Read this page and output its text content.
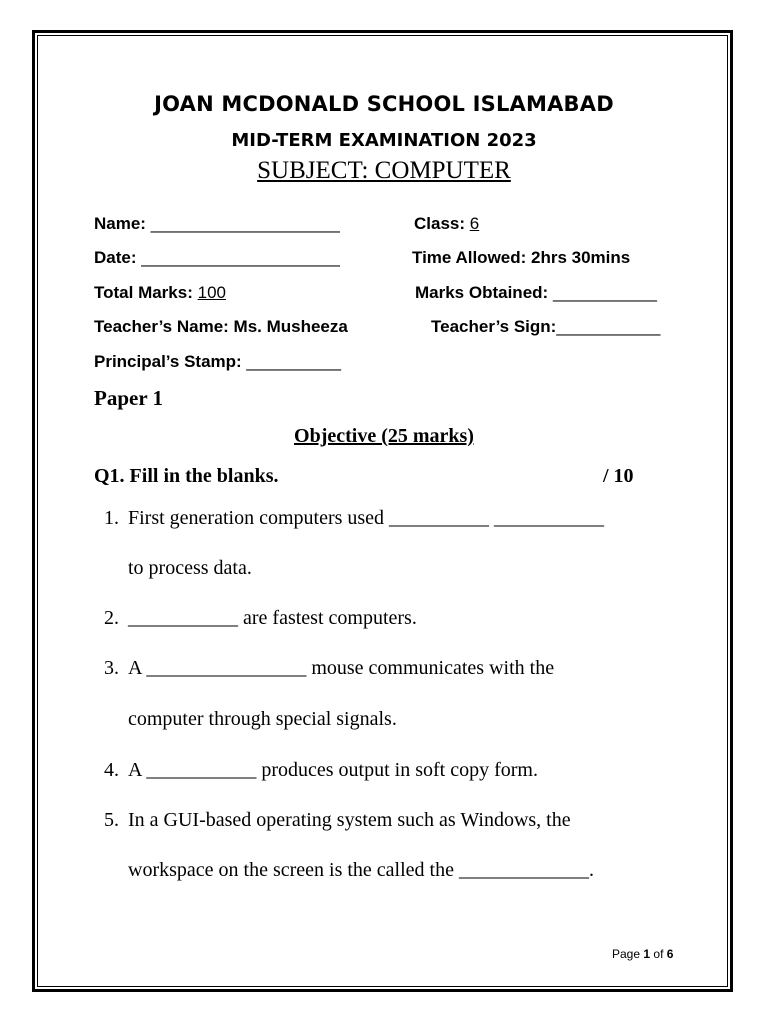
JOAN MCDONALD SCHOOL ISLAMABAD
MID-TERM EXAMINATION 2023
SUBJECT: COMPUTER
Name: ____________________	Class: 6
Date: _____________________	Time Allowed: 2hrs 30mins
Total Marks: 100	Marks Obtained: ___________
Teacher’s Name: Ms. Musheeza	Teacher’s Sign:___________
Principal’s Stamp: __________
Paper 1
Objective (25 marks)
Q1. Fill in the blanks.	/ 10
1. First generation computers used __________ ___________
to process data.
2. ___________ are fastest computers.
3. A ________________ mouse communicates with the
computer through special signals.
4. A ___________ produces output in soft copy form.
5. In a GUI-based operating system such as Windows, the
workspace on the screen is the called the _____________.
Page 1 of 6
